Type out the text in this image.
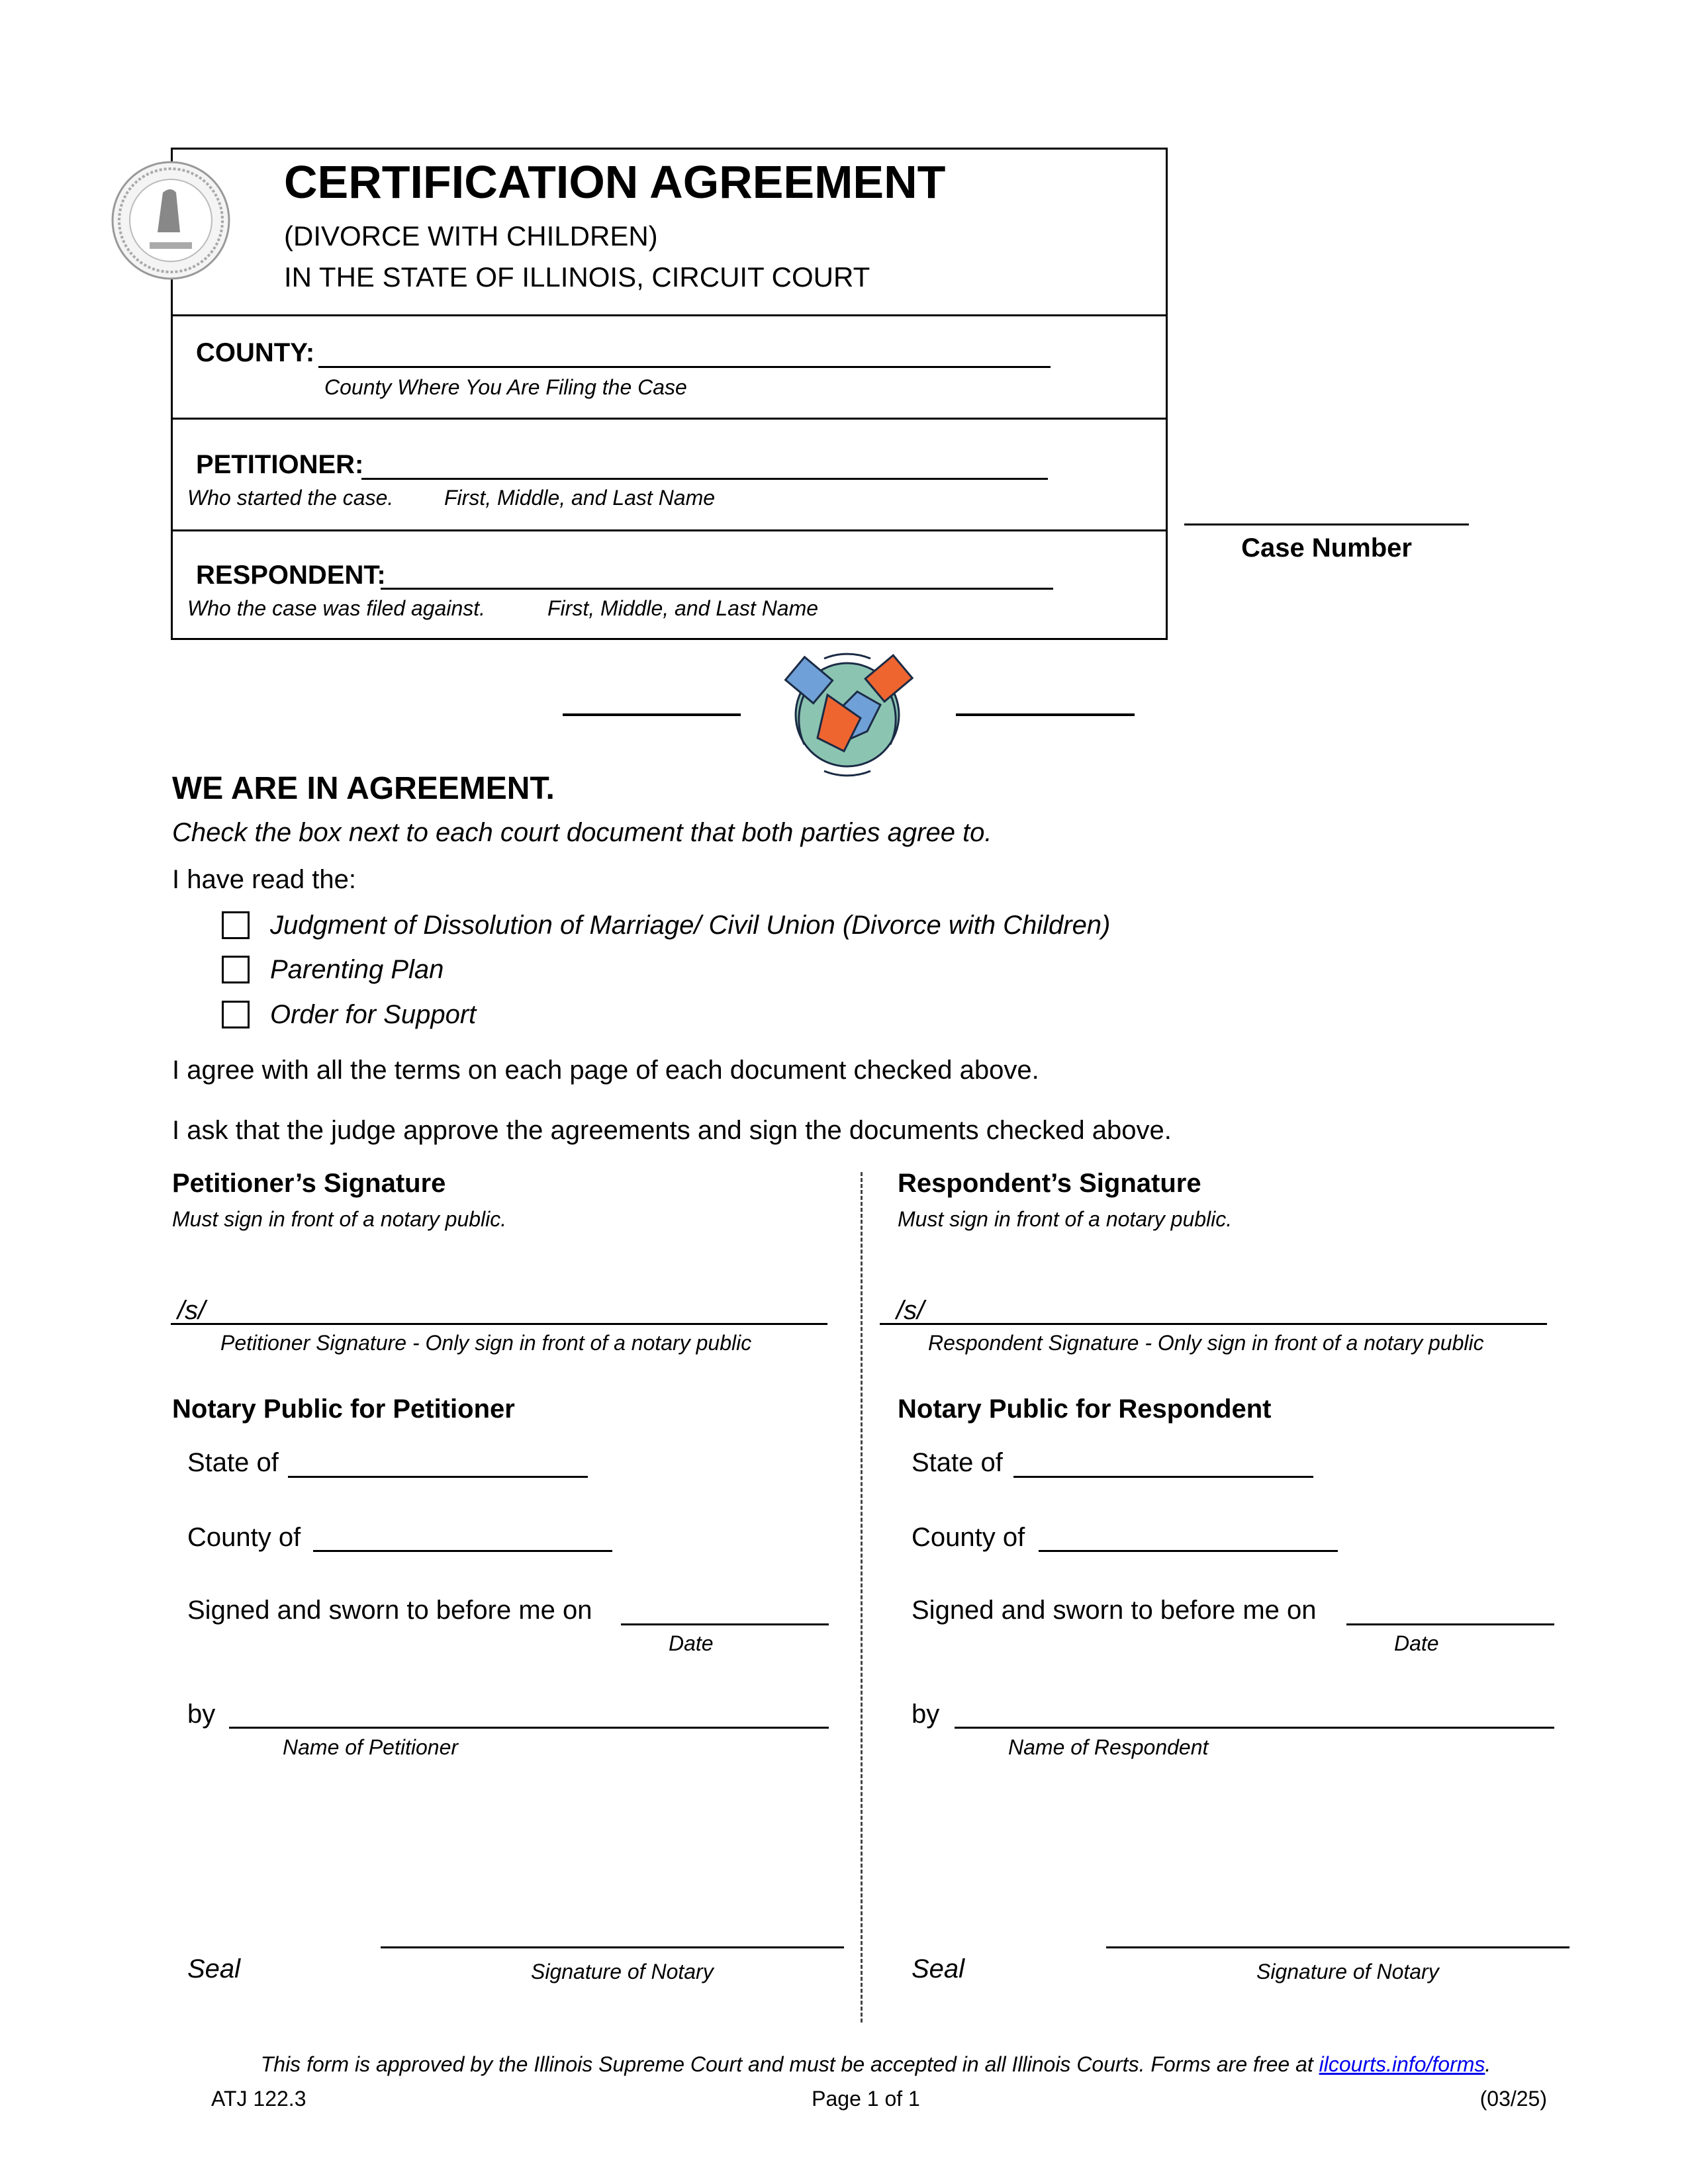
CERTIFICATION AGREEMENT
(DIVORCE WITH CHILDREN)
IN THE STATE OF ILLINOIS, CIRCUIT COURT
COUNTY:
County Where You Are Filing the Case
PETITIONER:
Who started the case. First, Middle, and Last Name
RESPONDENT:
Who the case was filed against.	First, Middle, and Last Name
Case Number
WE ARE IN AGREEMENT.
Check the box next to each court document that both parties agree to.
I have read the:
Judgment of Dissolution of Marriage/ Civil Union (Divorce with Children)
Parenting Plan
Order for Support
I agree with all the terms on each page of each document checked above.
I ask that the judge approve the agreements and sign the documents checked above.
Petitioner’s Signature
Must sign in front of a notary public.
/s/
Petitioner Signature - Only sign in front of a notary public
Notary Public for Petitioner
State of
County of
Signed and sworn to before me on
Date
by
Name of Petitioner
Seal	Signature of Notary
Respondent’s Signature
Must sign in front of a notary public.
/s/
Respondent Signature - Only sign in front of a notary public
Notary Public for Respondent
State of
County of
Signed and sworn to before me on
Date
by
Name of Respondent
Seal	Signature of Notary
This form is approved by the Illinois Supreme Court and must be accepted in all Illinois Courts. Forms are free at ilcourts.info/forms.
ATJ 122.3	Page 1 of 1	(03/25)
